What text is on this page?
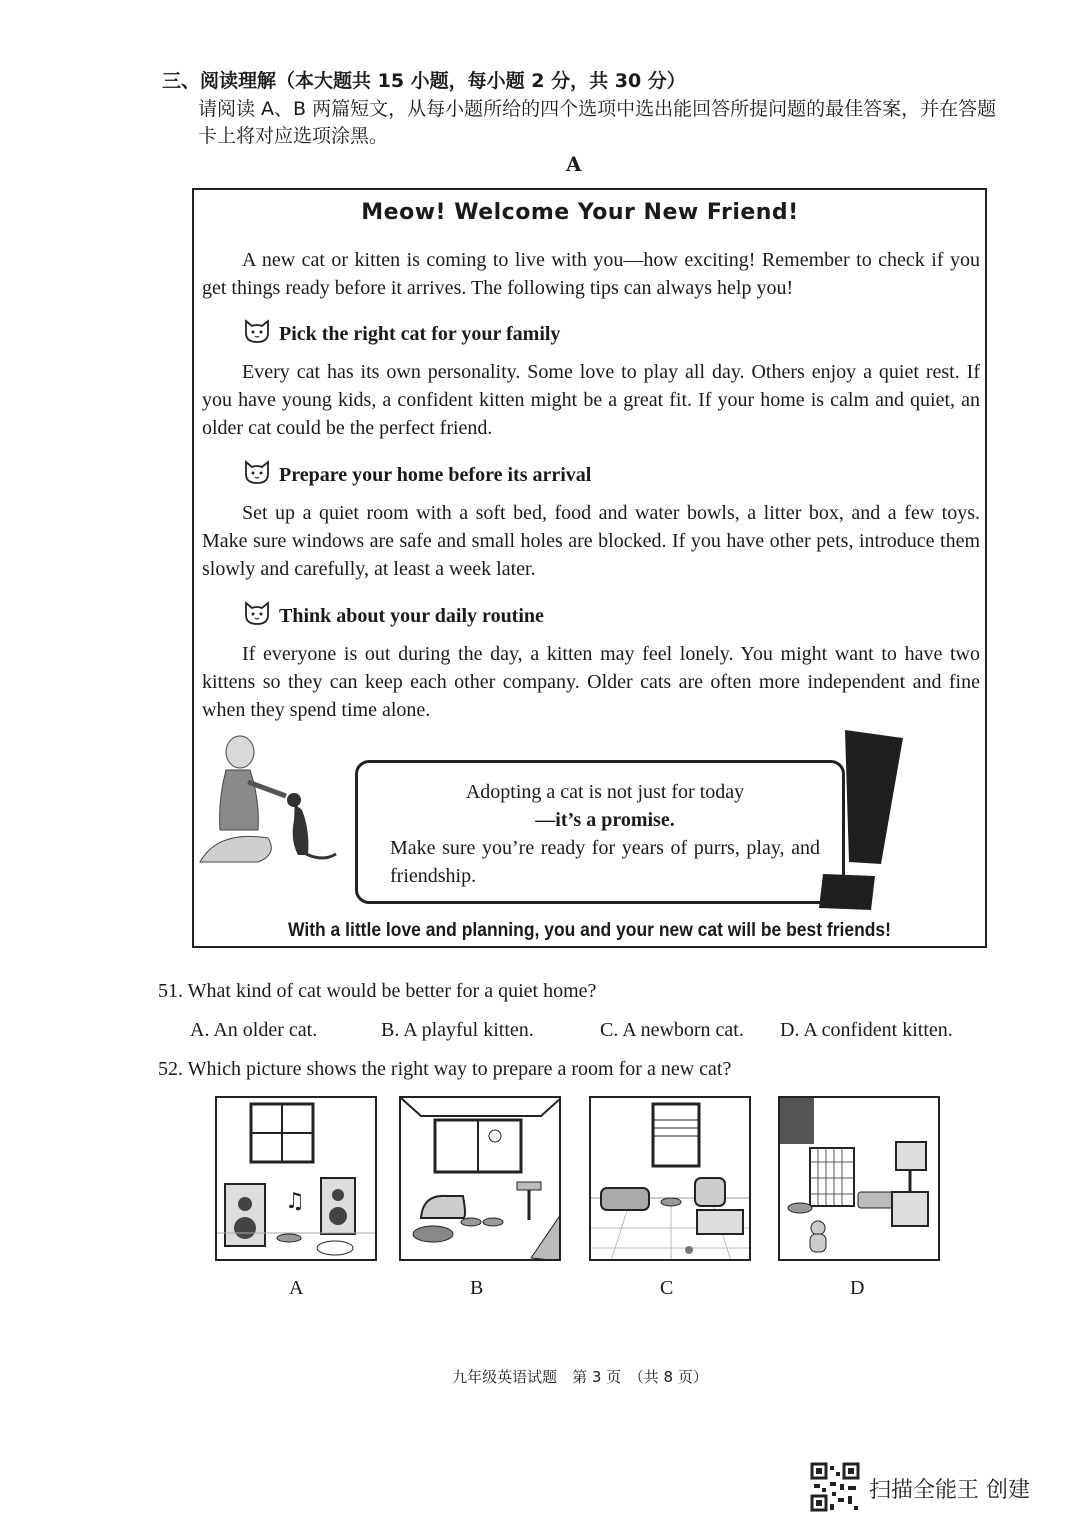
三、阅读理解（本大题共 15 小题，每小题 2 分，共 30 分）
请阅读 A、B 两篇短文，从每小题所给的四个选项中选出能回答所提问题的最佳答案，并在答题卡上将对应选项涂黑。
A
Meow! Welcome Your New Friend!

A new cat or kitten is coming to live with you—how exciting! Remember to check if you get things ready before it arrives. The following tips can always help you!

Pick the right cat for your family

Every cat has its own personality. Some love to play all day. Others enjoy a quiet rest. If you have young kids, a confident kitten might be a great fit. If your home is calm and quiet, an older cat could be the perfect friend.

Prepare your home before its arrival

Set up a quiet room with a soft bed, food and water bowls, a litter box, and a few toys. Make sure windows are safe and small holes are blocked. If you have other pets, introduce them slowly and carefully, at least a week later.

Think about your daily routine

If everyone is out during the day, a kitten may feel lonely. You might want to have two kittens so they can keep each other company. Older cats are often more independent and fine when they spend time alone.

Adopting a cat is not just for today
—it’s a promise.
Make sure you’re ready for years of purrs, play, and friendship.
With a little love and planning, you and your new cat will be best friends!
51. What kind of cat would be better for a quiet home?
A. An older cat.	B. A playful kitten.	C. A newborn cat. D. A confident kitten.
52. Which picture shows the right way to prepare a room for a new cat?
♫
A	B	C	D
九年级英语试题　第 3 页　（共 8 页）
扫描全能王 创建
